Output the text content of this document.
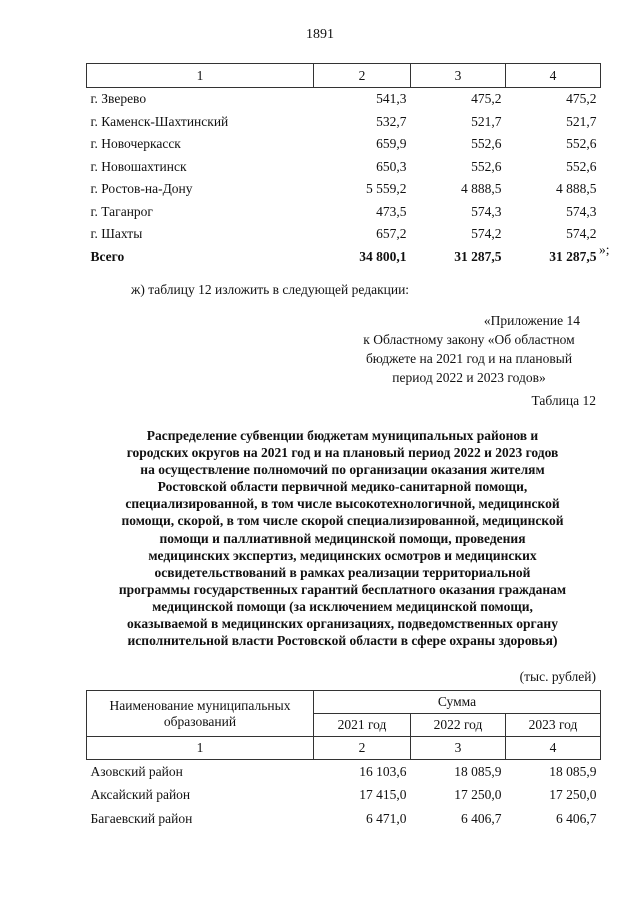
1891
1	2	3	4
г. Зверево	541,3	475,2	475,2
г. Каменск-Шахтинский	532,7	521,7	521,7
г. Новочеркасск	659,9	552,6	552,6
г. Новошахтинск	650,3	552,6	552,6
г. Ростов-на-Дону	5 559,2	4 888,5	4 888,5
г. Таганрог	473,5	574,3	574,3
г. Шахты	657,2	574,2	574,2
Всего	34 800,1	31 287,5	31 287,5 »;
ж) таблицу 12 изложить в следующей редакции:
«Приложение 14
к Областному закону «Об областном
бюджете на 2021 год и на плановый
период 2022 и 2023 годов»
Таблица 12
Распределение субвенции бюджетам муниципальных районов и
городских округов на 2021 год и на плановый период 2022 и 2023 годов
на осуществление полномочий по организации оказания жителям
Ростовской области первичной медико-санитарной помощи,
специализированной, в том числе высокотехнологичной, медицинской
помощи, скорой, в том числе скорой специализированной, медицинской
помощи и паллиативной медицинской помощи, проведения
медицинских экспертиз, медицинских осмотров и медицинских
освидетельствований в рамках реализации территориальной
программы государственных гарантий бесплатного оказания гражданам
медицинской помощи (за исключением медицинской помощи,
оказываемой в медицинских организациях, подведомственных органу
исполнительной власти Ростовской области в сфере охраны здоровья)
(тыс. рублей)
Наименование муниципальных образований	Сумма		
	2021 год	2022 год	2023 год
1	2	3	4
Азовский район	16 103,6	18 085,9	18 085,9
Аксайский район	17 415,0	17 250,0	17 250,0
Багаевский район	6 471,0	6 406,7	6 406,7
